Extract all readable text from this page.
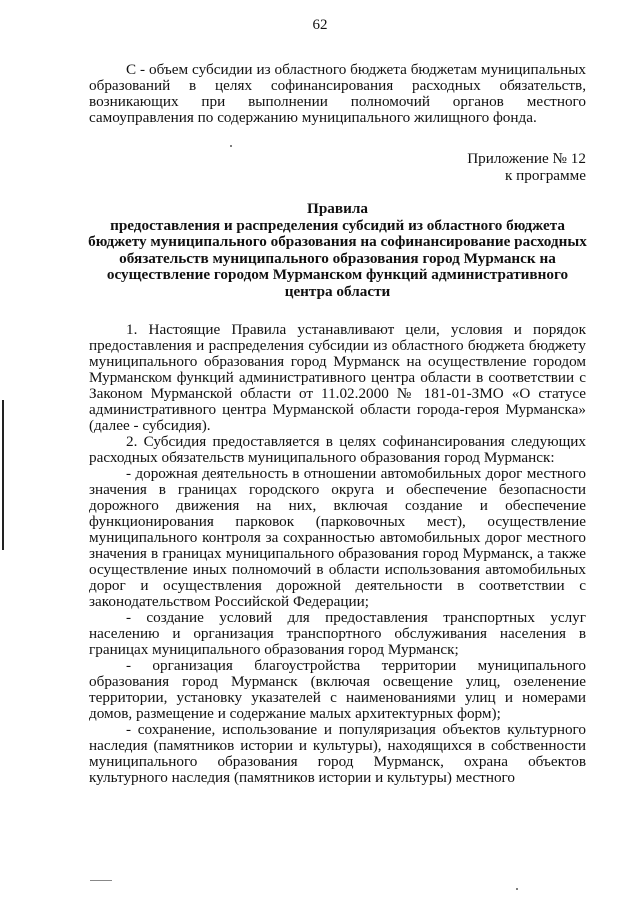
62

С - объем субсидии из областного бюджета бюджетам муниципальных образований в целях софинансирования расходных обязательств, возникающих при выполнении полномочий органов местного самоуправления по содержанию муниципального жилищного фонда.

Приложение № 12
к программе
Правила
предоставления и распределения субсидий из областного бюджета бюджету муниципального образования на софинансирование расходных обязательств муниципального образования город Мурманск на осуществление городом Мурманском функций административного центра области

1. Настоящие Правила устанавливают цели, условия и порядок предоставления и распределения субсидии из областного бюджета бюджету муниципального образования город Мурманск на осуществление городом Мурманском функций административного центра области в соответствии с Законом Мурманской области от 11.02.2000 № 181-01-ЗМО «О статусе административного центра Мурманской области города-героя Мурманска» (далее - субсидия).

2. Субсидия предоставляется в целях софинансирования следующих расходных обязательств муниципального образования город Мурманск:

- дорожная деятельность в отношении автомобильных дорог местного значения в границах городского округа и обеспечение безопасности дорожного движения на них, включая создание и обеспечение функционирования парковок (парковочных мест), осуществление муниципального контроля за сохранностью автомобильных дорог местного значения в границах муниципального образования город Мурманск, а также осуществление иных полномочий в области использования автомобильных дорог и осуществления дорожной деятельности в соответствии с законодательством Российской Федерации;

- создание условий для предоставления транспортных услуг населению и организация транспортного обслуживания населения в границах муниципального образования город Мурманск;

- организация благоустройства территории муниципального образования город Мурманск (включая освещение улиц, озеленение территории, установку указателей с наименованиями улиц и номерами домов, размещение и содержание малых архитектурных форм);

- сохранение, использование и популяризация объектов культурного наследия (памятников истории и культуры), находящихся в собственности муниципального образования город Мурманск, охрана объектов культурного наследия (памятников истории и культуры) местного
